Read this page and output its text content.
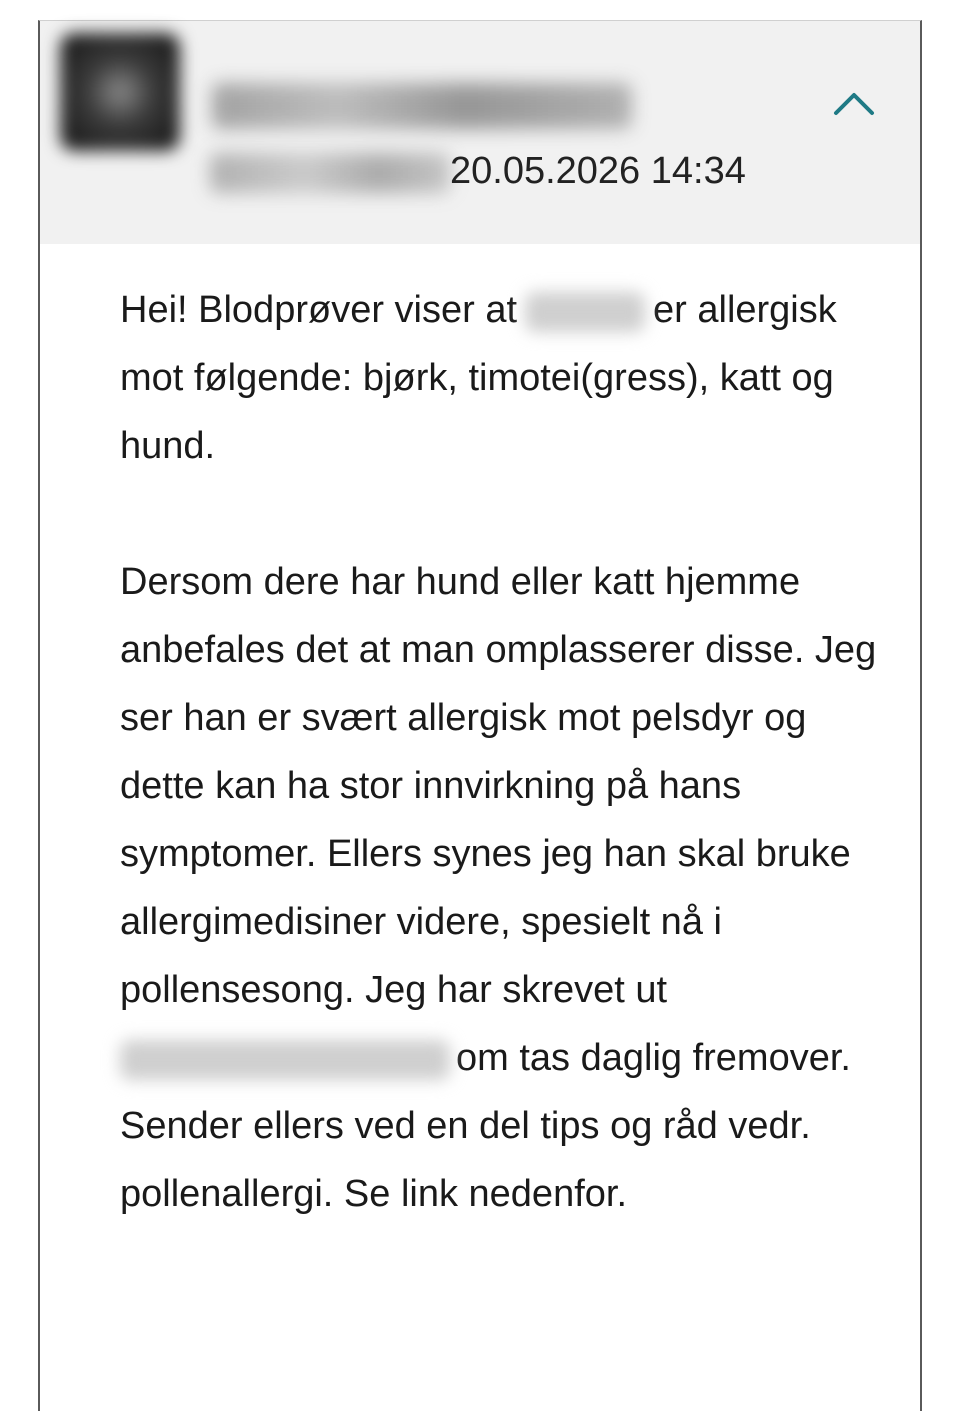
20.05.2026 14:34

Hei! Blodprøver viser at	er allergisk mot følgende: bjørk, timotei(gress), katt og hund.

Dersom dere har hund eller katt hjemme anbefales det at man omplasserer disse. Jeg ser han er svært allergisk mot pelsdyr og dette kan ha stor innvirkning på hans symptomer. Ellers synes jeg han skal bruke allergimedisiner videre, spesielt nå i pollensesong. Jeg har skrevet ut om tas daglig fremover. Sender ellers ved en del tips og råd vedr. pollenallergi. Se link nedenfor.
